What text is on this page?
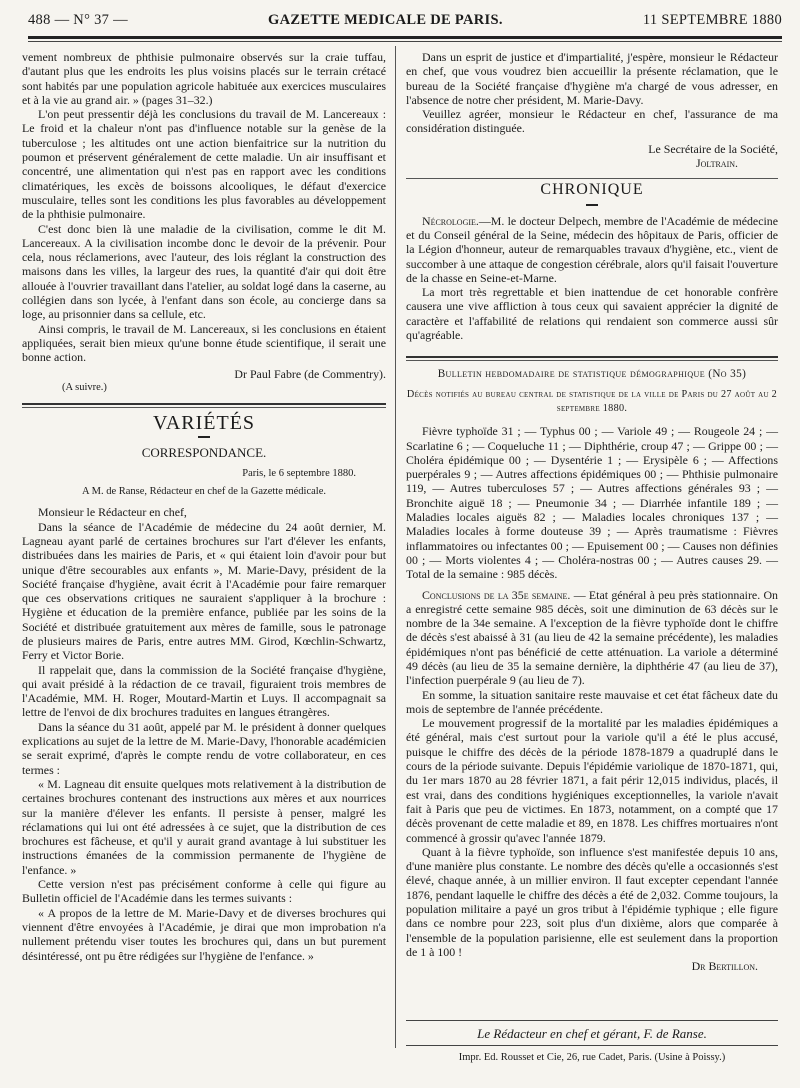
488 — N° 37 —	GAZETTE MEDICALE DE PARIS.	11 SEPTEMBRE 1880

vement nombreux de phthisie pulmonaire observés sur la craie tuffau, d'autant plus que les endroits les plus voisins placés sur le terrain crétacé sont habités par une population agricole habituée aux exercices musculaires et à la vie au grand air. » (pages 31–32.)

L'on peut pressentir déjà les conclusions du travail de M. Lancereaux : Le froid et la chaleur n'ont pas d'influence notable sur la genèse de la tuberculose ; les altitudes ont une action bienfaitrice sur la nutrition du poumon et préservent généralement de cette maladie. Un air insuffisant et concentré, une alimentation qui n'est pas en rapport avec les conditions climatériques, les excès de boissons alcooliques, le défaut d'exercice musculaire, telles sont les conditions les plus favorables au développement de la phthisie pulmonaire.

C'est donc bien là une maladie de la civilisation, comme le dit M. Lancereaux. A la civilisation incombe donc le devoir de la prévenir. Pour cela, nous réclamerions, avec l'auteur, des lois réglant la construction des maisons dans les villes, la largeur des rues, la quantité d'air qui doit être allouée à l'ouvrier travaillant dans l'atelier, au soldat logé dans la caserne, au collégien dans son lycée, à l'enfant dans son école, au concierge dans sa loge, au prisonnier dans sa cellule, etc.

Ainsi compris, le travail de M. Lancereaux, si les conclusions en étaient appliquées, serait bien mieux qu'une bonne étude scientifique, il serait une bonne action.

Dr Paul Fabre (de Commentry).

(A suivre.)

VARIÉTÉS
CORRESPONDANCE.

Paris, le 6 septembre 1880.

A M. de Ranse, Rédacteur en chef de la Gazette médicale.

Monsieur le Rédacteur en chef,

Dans la séance de l'Académie de médecine du 24 août dernier, M. Lagneau ayant parlé de certaines brochures sur l'art d'élever les enfants, distribuées dans les mairies de Paris, et « qui étaient loin d'avoir pour but unique d'être secourables aux enfants », M. Marie-Davy, président de la Société française d'hygiène, avait écrit à l'Académie pour faire remarquer que ces observations critiques ne sauraient s'appliquer à la brochure : Hygiène et éducation de la première enfance, publiée par les soins de la Société et distribuée gratuitement aux mères de famille, sous le patronage de plusieurs maires de Paris, entre autres MM. Girod, Kœchlin-Schwartz, Ferry et Victor Borie.

Il rappelait que, dans la commission de la Société française d'hygiène, qui avait présidé à la rédaction de ce travail, figuraient trois membres de l'Académie, MM. H. Roger, Moutard-Martin et Luys. Il accompagnait sa lettre de l'envoi de dix brochures traduites en langues étrangères.

Dans la séance du 31 août, appelé par M. le président à donner quelques explications au sujet de la lettre de M. Marie-Davy, l'honorable académicien se serait exprimé, d'après le compte rendu de votre collaborateur, en ces termes :

« M. Lagneau dit ensuite quelques mots relativement à la distribution de certaines brochures contenant des instructions aux mères et aux nourrices sur la manière d'élever les enfants. Il persiste à penser, malgré les réclamations qui lui ont été adressées à ce sujet, que la distribution de ces brochures est fâcheuse, et qu'il y aurait grand avantage à lui substituer les instructions émanées de la commission permanente de l'hygiène de l'enfance. »

Cette version n'est pas précisément conforme à celle qui figure au Bulletin officiel de l'Académie dans les termes suivants :

« A propos de la lettre de M. Marie-Davy et de diverses brochures qui viennent d'être envoyées à l'Académie, je dirai que mon improbation n'a nullement prétendu viser toutes les brochures qui, dans un but purement désintéressé, ont pu être rédigées sur l'hygiène de l'enfance. »

Dans un esprit de justice et d'impartialité, j'espère, monsieur le Rédacteur en chef, que vous voudrez bien accueillir la présente réclamation, que le bureau de la Société française d'hygiène m'a chargé de vous adresser, en l'absence de notre cher président, M. Marie-Davy.

Veuillez agréer, monsieur le Rédacteur en chef, l'assurance de ma considération distinguée.

Le Secrétaire de la Société,

Joltrain.

CHRONIQUE

Nécrologie.—M. le docteur Delpech, membre de l'Académie de médecine et du Conseil général de la Seine, médecin des hôpitaux de Paris, officier de la Légion d'honneur, auteur de remarquables travaux d'hygiène, etc., vient de succomber à une attaque de congestion cérébrale, alors qu'il faisait l'ouverture de la chasse en Seine-et-Marne.

La mort très regrettable et bien inattendue de cet honorable confrère causera une vive affliction à tous ceux qui savaient apprécier la dignité de caractère et l'affabilité de relations qui rendaient son commerce aussi sûr qu'agréable.

Bulletin hebdomadaire de statistique démographique (No 35)
Décès notifiés au bureau central de statistique de la ville de Paris du 27 août au 2 septembre 1880.

Fièvre typhoïde 31 ; — Typhus 00 ; — Variole 49 ; — Rougeole 24 ; — Scarlatine 6 ; — Coqueluche 11 ; — Diphthérie, croup 47 ; — Grippe 00 ; — Choléra épidémique 00 ; — Dysentérie 1 ; — Erysipèle 6 ; — Affections puerpérales 9 ; — Autres affections épidémiques 00 ; — Phthisie pulmonaire 119, — Autres tuberculoses 57 ; — Autres affections générales 93 ; — Bronchite aiguë 18 ; — Pneumonie 34 ; — Diarrhée infantile 189 ; — Maladies locales aiguës 82 ; — Maladies locales chroniques 137 ; — Maladies locales à forme douteuse 39 ; — Après traumatisme : Fièvres inflammatoires ou infectantes 00 ; — Epuisement 00 ; — Causes non définies 00 ; — Morts violentes 4 ; — Choléra-nostras 00 ; — Autres causes 29. — Total de la semaine : 985 décès.

Conclusions de la 35e semaine. — Etat général à peu près stationnaire. On a enregistré cette semaine 985 décès, soit une diminution de 63 décès sur le nombre de la 34e semaine. A l'exception de la fièvre typhoïde dont le chiffre de décès s'est abaissé à 31 (au lieu de 42 la semaine précédente), les maladies épidémiques n'ont pas bénéficié de cette atténuation. La variole a déterminé 49 décès (au lieu de 35 la semaine dernière, la diphthérie 47 (au lieu de 37), l'infection puerpérale 9 (au lieu de 7).

En somme, la situation sanitaire reste mauvaise et cet état fâcheux date du mois de septembre de l'année précédente.

Le mouvement progressif de la mortalité par les maladies épidémiques a été général, mais c'est surtout pour la variole qu'il a été le plus accusé, puisque le chiffre des décès de la période 1878-1879 a quadruplé dans le cours de la période suivante. Depuis l'épidémie variolique de 1870-1871, qui, du 1er mars 1870 au 28 février 1871, a fait périr 12,015 individus, placés, il est vrai, dans des conditions hygiéniques exceptionnelles, la variole n'avait fait à Paris que peu de victimes. En 1873, notamment, on a compté que 17 décès provenant de cette maladie et 89, en 1878. Les chiffres mortuaires n'ont commencé à grossir qu'avec l'année 1879.

Quant à la fièvre typhoïde, son influence s'est manifestée depuis 10 ans, d'une manière plus constante. Le nombre des décès qu'elle a occasionnés s'est élevé, chaque année, à un millier environ. Il faut excepter cependant l'année 1876, pendant laquelle le chiffre des décès a été de 2,032. Comme toujours, la population militaire a payé un gros tribut à l'épidémie typhique ; elle figure dans ce nombre pour 223, soit plus d'un dixième, alors que comparée à l'ensemble de la population parisienne, elle est seulement dans la proportion de 1 à 100 !

Dr Bertillon.

Le Rédacteur en chef et gérant, F. de Ranse.
Impr. Ed. Rousset et Cie, 26, rue Cadet, Paris. (Usine à Poissy.)
